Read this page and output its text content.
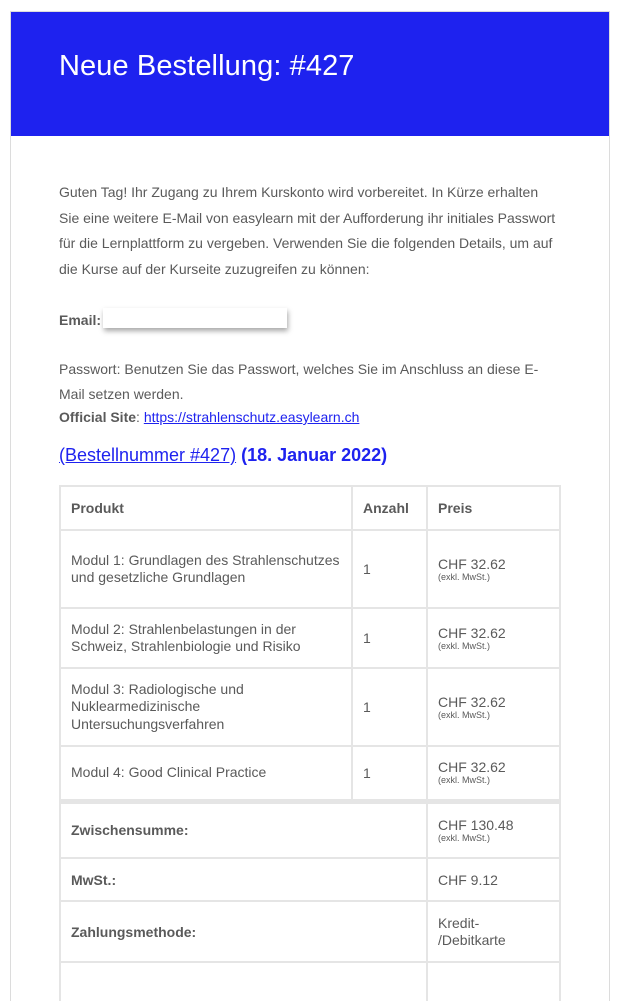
Neue Bestellung: #427

Guten Tag! Ihr Zugang zu Ihrem Kurskonto wird vorbereitet. In Kürze erhalten Sie eine weitere E-Mail von easylearn mit der Aufforderung ihr initiales Passwort für die Lernplattform zu vergeben. Verwenden Sie die folgenden Details, um auf die Kurse auf der Kurseite zuzugreifen zu können:

Email:
Passwort: Benutzen Sie das Passwort, welches Sie im Anschluss an diese E-Mail setzen werden.
Official Site: https://strahlenschutz.easylearn.ch
(Bestellnummer #427) (18. Januar 2022)
Produkt	Anzahl	Preis
Modul 1: Grundlagen des Strahlenschutzes und gesetzliche Grundlagen	1	CHF 32.62
(exkl. MwSt.)

Modul 2: Strahlenbelastungen in der Schweiz, Strahlenbiologie und Risiko	1	CHF 32.62
(exkl. MwSt.)

Modul 3: Radiologische und Nuklearmedizinische Untersuchungsverfahren	1	CHF 32.62
(exkl. MwSt.)

Modul 4: Good Clinical Practice	1	CHF 32.62
(exkl. MwSt.)

Zwischensumme:		CHF 130.48
(exkl. MwSt.)

MwSt.:		CHF 9.12
Zahlungsmethode:		Kredit- /Debitkarte
